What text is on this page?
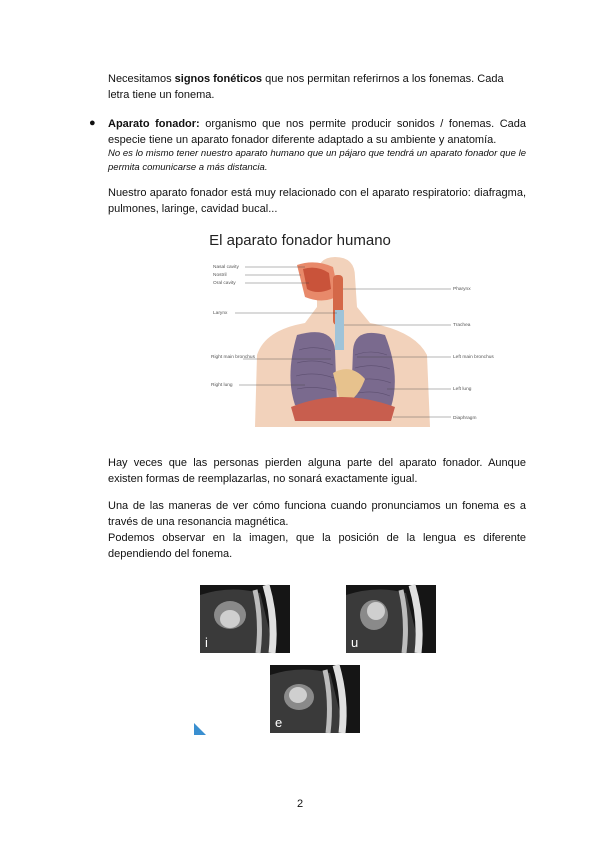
Necesitamos signos fonéticos que nos permitan referirnos a los fonemas. Cada letra tiene un fonema.

● Aparato fonador: organismo que nos permite producir sonidos / fonemas. Cada especie tiene un aparato fonador diferente adaptado a su ambiente y anatomía.

No es lo mismo tener nuestro aparato humano que un pájaro que tendrá un aparato fonador que le permita comunicarse a más distancia.

Nuestro aparato fonador está muy relacionado con el aparato respiratorio: diafragma, pulmones, laringe, cavidad bucal...

El aparato fonador humano
Nasal cavity
Nostril
Oral cavity
Larynx
Right main bronchus
Right lung
Pharynx
Trachea
Left main bronchus
Left lung
Diaphragm

Hay veces que las personas pierden alguna parte del aparato fonador. Aunque existen formas de reemplazarlas, no sonará exactamente igual.

Una de las maneras de ver cómo funciona cuando pronunciamos un fonema es a través de una resonancia magnética.

Podemos observar en la imagen, que la posición de la lengua es diferente dependiendo del fonema.

i	u
e
2
